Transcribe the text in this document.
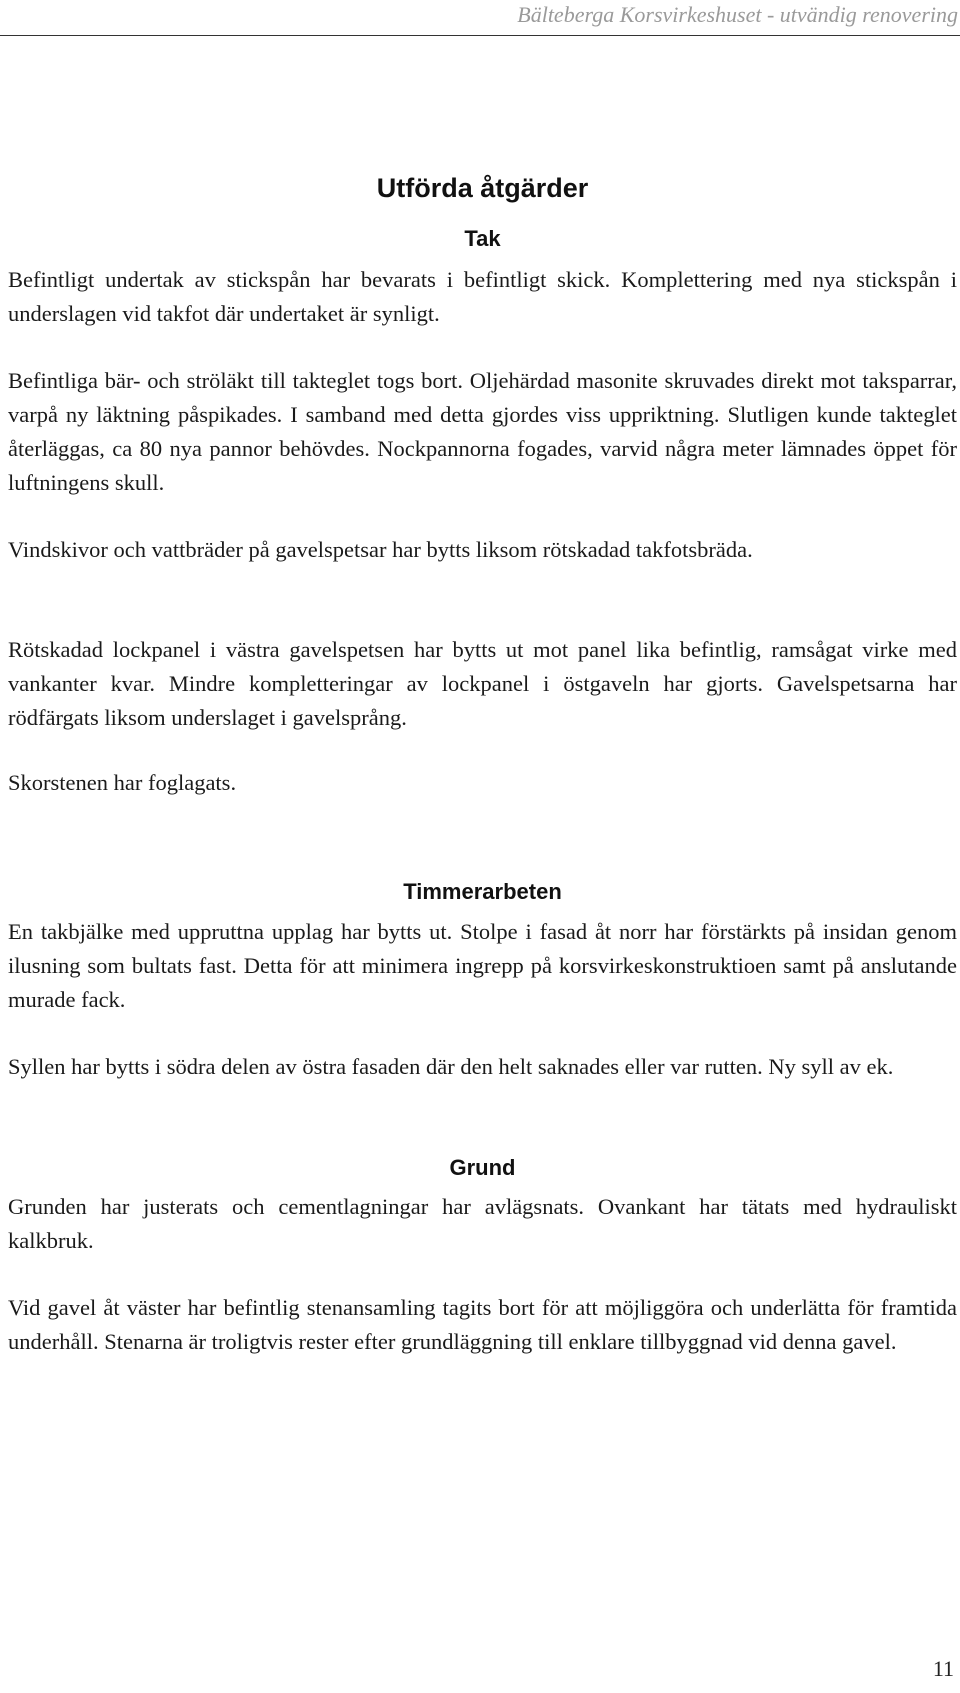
Bälteberga Korsvirkeshuset - utvändig renovering
Utförda åtgärder
Tak

Befintligt undertak av stickspån har bevarats i befintligt skick. Komplettering med nya stickspån i underslagen vid takfot där undertaket är synligt.

Befintliga bär- och ströläkt till takteglet togs bort. Oljehärdad masonite skruvades direkt mot taksparrar, varpå ny läktning påspikades. I samband med detta gjordes viss uppriktning. Slutligen kunde takteglet återläggas, ca 80 nya pannor behövdes. Nockpannorna fogades, varvid några meter lämnades öppet för luftningens skull.

Vindskivor och vattbräder på gavelspetsar har bytts liksom rötskadad takfotsbräda.

Rötskadad lockpanel i västra gavelspetsen har bytts ut mot panel lika befintlig, ramsågat virke med vankanter kvar. Mindre kompletteringar av lockpanel i östgaveln har gjorts. Gavelspetsarna har rödfärgats liksom underslaget i gavelsprång.

Skorstenen har foglagats.

Timmerarbeten

En takbjälke med uppruttna upplag har bytts ut. Stolpe i fasad åt norr har förstärkts på insidan genom ilusning som bultats fast. Detta för att minimera ingrepp på korsvirkeskonstruktioen samt på anslutande murade fack.

Syllen har bytts i södra delen av östra fasaden där den helt saknades eller var rutten. Ny syll av ek.

Grund

Grunden har justerats och cementlagningar har avlägsnats. Ovankant har tätats med hydrauliskt kalkbruk.

Vid gavel åt väster har befintlig stenansamling tagits bort för att möjliggöra och underlätta för framtida underhåll. Stenarna är troligtvis rester efter grundläggning till enklare tillbyggnad vid denna gavel.

11
